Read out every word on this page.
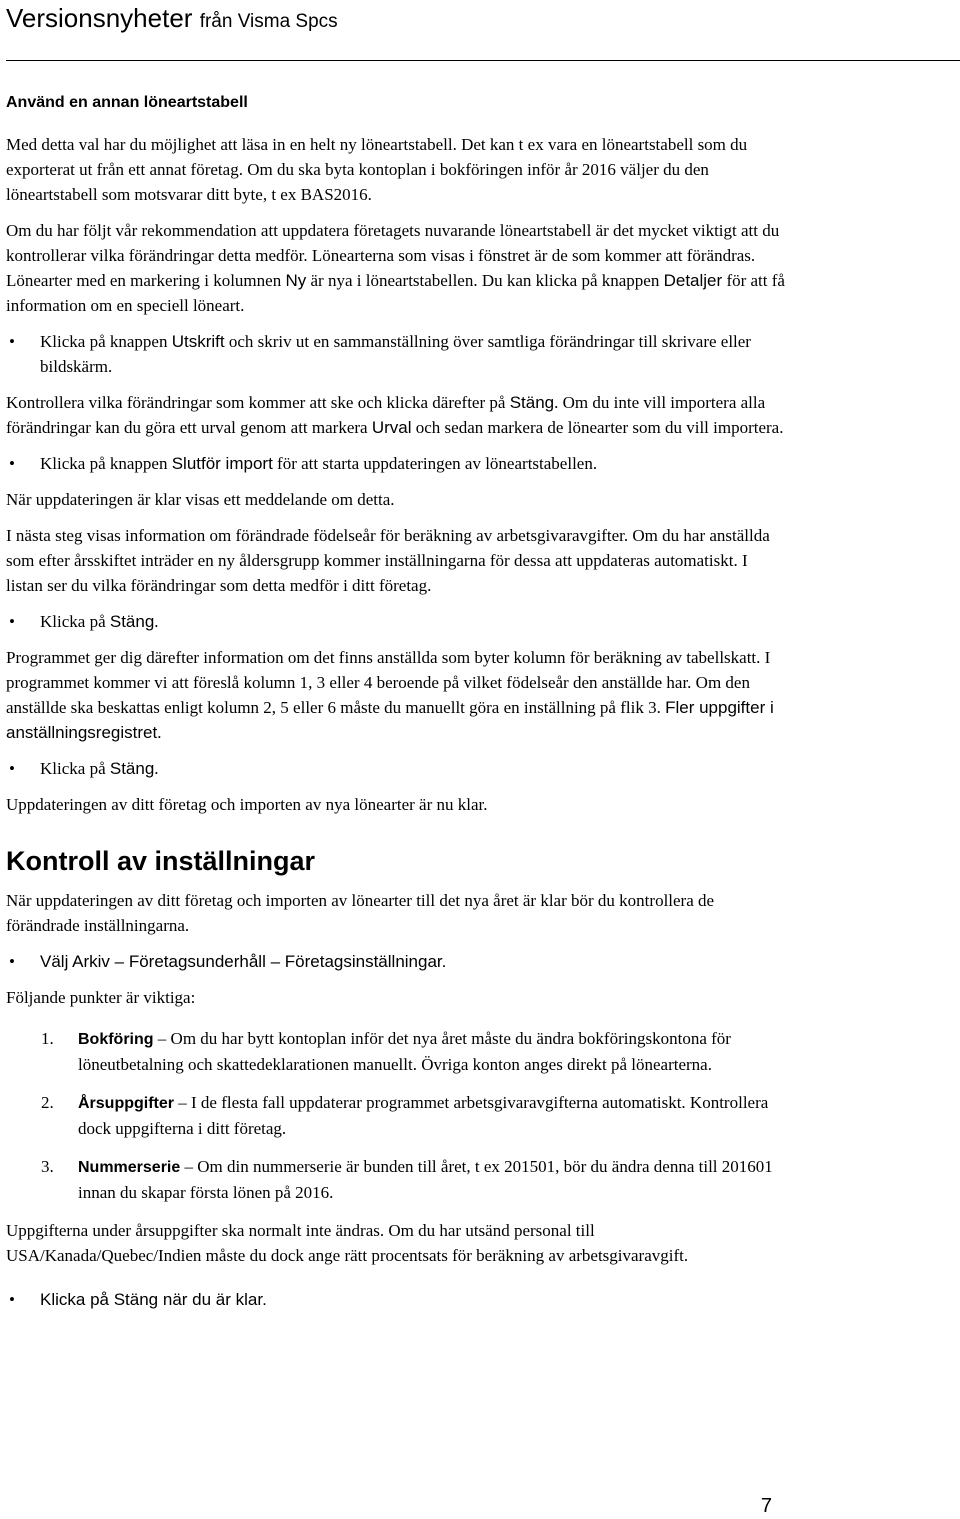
Versionsnyheter från Visma Spcs
Använd en annan löneartstabell

Med detta val har du möjlighet att läsa in en helt ny löneartstabell. Det kan t ex vara en löneartstabell som du exporterat ut från ett annat företag. Om du ska byta kontoplan i bokföringen inför år 2016 väljer du den löneartstabell som motsvarar ditt byte, t ex BAS2016.

Om du har följt vår rekommendation att uppdatera företagets nuvarande löneartstabell är det mycket viktigt att du kontrollerar vilka förändringar detta medför. Lönearterna som visas i fönstret är de som kommer att förändras. Lönearter med en markering i kolumnen Ny är nya i löneartstabellen. Du kan klicka på knappen Detaljer för att få information om en speciell löneart.

• Klicka på knappen Utskrift och skriv ut en sammanställning över samtliga förändringar till skrivare eller bildskärm.

Kontrollera vilka förändringar som kommer att ske och klicka därefter på Stäng. Om du inte vill importera alla förändringar kan du göra ett urval genom att markera Urval och sedan markera de lönearter som du vill importera.

• Klicka på knappen Slutför import för att starta uppdateringen av löneartstabellen.

När uppdateringen är klar visas ett meddelande om detta.

I nästa steg visas information om förändrade födelseår för beräkning av arbetsgivaravgifter. Om du har anställda som efter årsskiftet inträder en ny åldersgrupp kommer inställningarna för dessa att uppdateras automatiskt. I listan ser du vilka förändringar som detta medför i ditt företag.

• Klicka på Stäng.

Programmet ger dig därefter information om det finns anställda som byter kolumn för beräkning av tabellskatt. I programmet kommer vi att föreslå kolumn 1, 3 eller 4 beroende på vilket födelseår den anställde har. Om den anställde ska beskattas enligt kolumn 2, 5 eller 6 måste du manuellt göra en inställning på flik 3. Fler uppgifter i anställningsregistret.

• Klicka på Stäng.

Uppdateringen av ditt företag och importen av nya lönearter är nu klar.

Kontroll av inställningar

När uppdateringen av ditt företag och importen av lönearter till det nya året är klar bör du kontrollera de förändrade inställningarna.

• Välj Arkiv – Företagsunderhåll – Företagsinställningar.

Följande punkter är viktiga:

1. Bokföring – Om du har bytt kontoplan inför det nya året måste du ändra bokföringskontona för löneutbetalning och skattedeklarationen manuellt. Övriga konton anges direkt på lönearterna.
2. Årsuppgifter – I de flesta fall uppdaterar programmet arbetsgivaravgifterna automatiskt. Kontrollera dock uppgifterna i ditt företag.
3. Nummerserie – Om din nummerserie är bunden till året, t ex 201501, bör du ändra denna till 201601 innan du skapar första lönen på 2016.

Uppgifterna under årsuppgifter ska normalt inte ändras. Om du har utsänd personal till USA/Kanada/Quebec/Indien måste du dock ange rätt procentsats för beräkning av arbetsgivaravgift.

• Klicka på Stäng när du är klar.
7
